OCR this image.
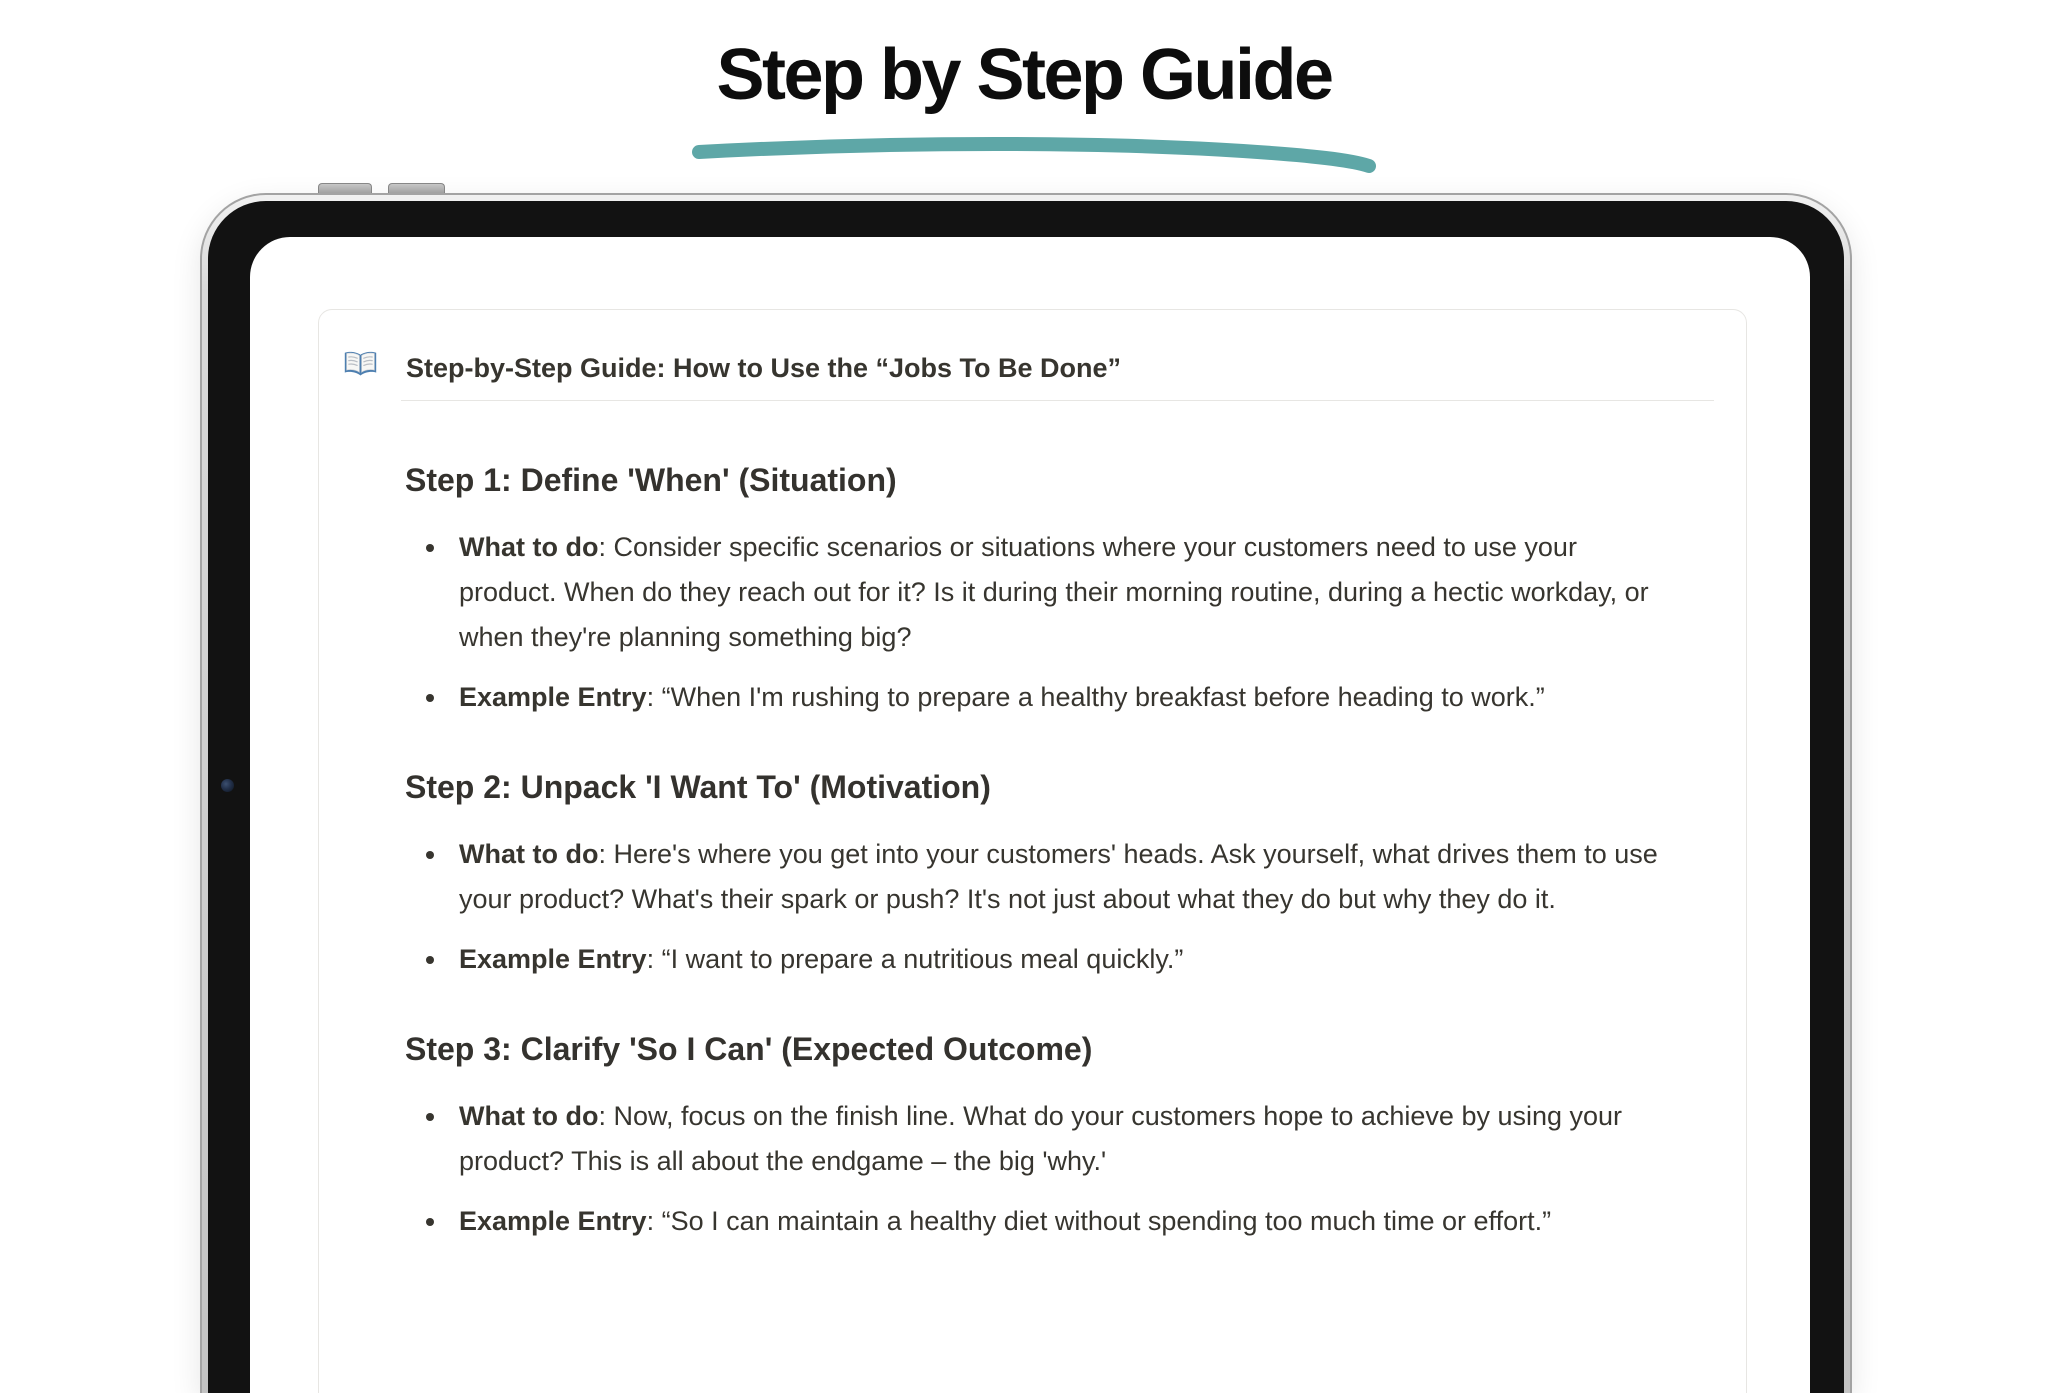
Step by Step Guide
Step-by-Step Guide: How to Use the “Jobs To Be Done”
Step 1: Define 'When' (Situation)
What to do: Consider specific scenarios or situations where your customers need to use your product. When do they reach out for it? Is it during their morning routine, during a hectic workday, or when they're planning something big?
Example Entry: “When I'm rushing to prepare a healthy breakfast before heading to work.”
Step 2: Unpack 'I Want To' (Motivation)
What to do: Here's where you get into your customers' heads. Ask yourself, what drives them to use your product? What's their spark or push? It's not just about what they do but why they do it.
Example Entry: “I want to prepare a nutritious meal quickly.”
Step 3: Clarify 'So I Can' (Expected Outcome)
What to do: Now, focus on the finish line. What do your customers hope to achieve by using your product? This is all about the endgame – the big 'why.'
Example Entry: “So I can maintain a healthy diet without spending too much time or effort.”
